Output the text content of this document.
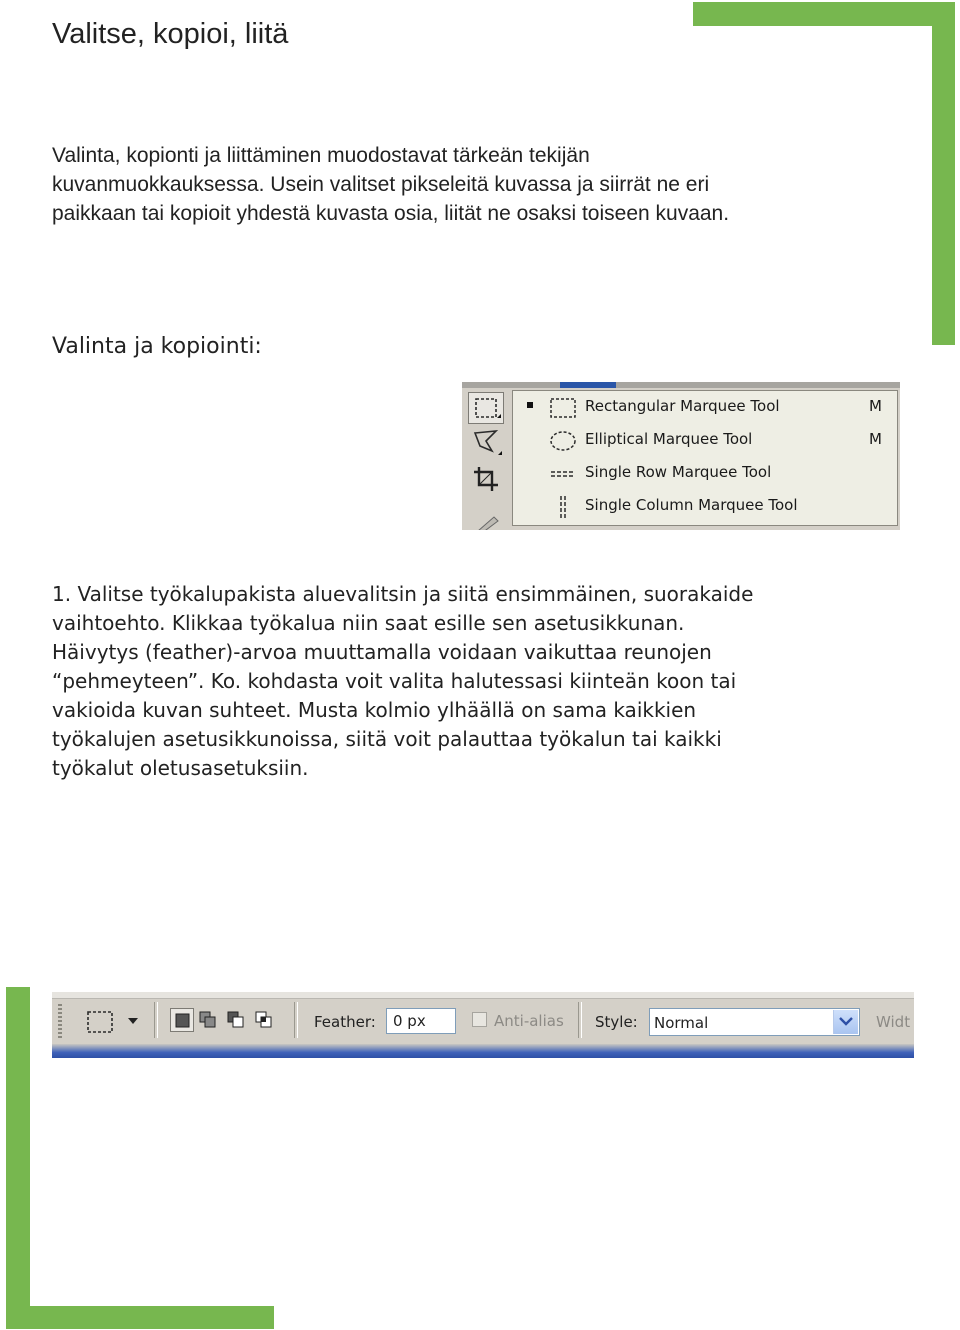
Valitse, kopioi, liitä
Valinta, kopionti ja liittäminen muodostavat tärkeän tekijän kuvanmuokkauksessa. Usein valitset pikseleitä kuvassa ja siirrät ne eri paikkaan tai kopioit yhdestä kuvasta osia, liität ne osaksi toiseen kuvaan.
Valinta ja kopiointi:
Rectangular Marquee Tool	M
Elliptical Marquee Tool	M
Single Row Marquee Tool
Single Column Marquee Tool
1. Valitse työkalupakista aluevalitsin ja siitä ensimmäinen, suorakaide vaihtoehto. Klikkaa työkalua niin saat esille sen asetusikkunan. Häivytys (feather)-arvoa muuttamalla voidaan vaikuttaa reunojen “pehmeyteen”. Ko. kohdasta voit valita halutessasi kiinteän koon tai vakioida kuvan suhteet. Musta kolmio ylhäällä on sama kaikkien työkalujen asetusikkunoissa, siitä voit palauttaa työkalun tai kaikki työkalut oletusasetuksiin.
Feather:	0 px	Anti-alias Style: Normal	Widt
